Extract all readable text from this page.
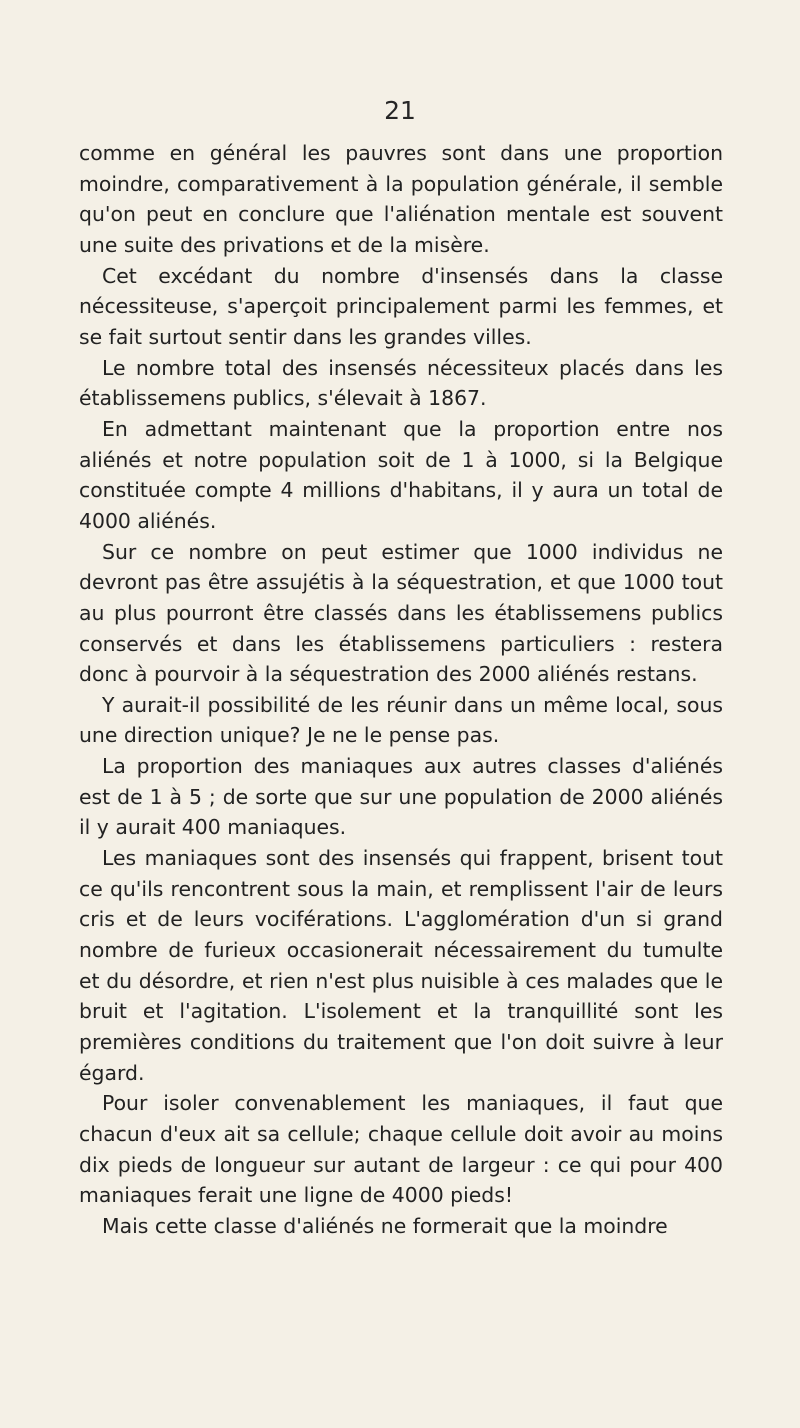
21

comme en général les pauvres sont dans une proportion moindre, comparativement à la population générale, il semble qu'on peut en conclure que l'aliénation mentale est souvent une suite des privations et de la misère.

Cet excédant du nombre d'insensés dans la classe nécessiteuse, s'aperçoit principalement parmi les femmes, et se fait surtout sentir dans les grandes villes.

Le nombre total des insensés nécessiteux placés dans les établissemens publics, s'élevait à 1867.

En admettant maintenant que la proportion entre nos aliénés et notre population soit de 1 à 1000, si la Belgique constituée compte 4 millions d'habitans, il y aura un total de 4000 aliénés.

Sur ce nombre on peut estimer que 1000 individus ne devront pas être assujétis à la séquestration, et que 1000 tout au plus pourront être classés dans les établissemens publics conservés et dans les établissemens particuliers : restera donc à pourvoir à la séquestration des 2000 aliénés restans.

Y aurait-il possibilité de les réunir dans un même local, sous une direction unique? Je ne le pense pas.

La proportion des maniaques aux autres classes d'aliénés est de 1 à 5 ; de sorte que sur une population de 2000 aliénés il y aurait 400 maniaques.

Les maniaques sont des insensés qui frappent, brisent tout ce qu'ils rencontrent sous la main, et remplissent l'air de leurs cris et de leurs vociférations. L'agglomération d'un si grand nombre de furieux occasionerait nécessairement du tumulte et du désordre, et rien n'est plus nuisible à ces malades que le bruit et l'agitation. L'isolement et la tranquillité sont les premières conditions du traitement que l'on doit suivre à leur égard.

Pour isoler convenablement les maniaques, il faut que chacun d'eux ait sa cellule; chaque cellule doit avoir au moins dix pieds de longueur sur autant de largeur : ce qui pour 400 maniaques ferait une ligne de 4000 pieds!

Mais cette classe d'aliénés ne formerait que la moindre
